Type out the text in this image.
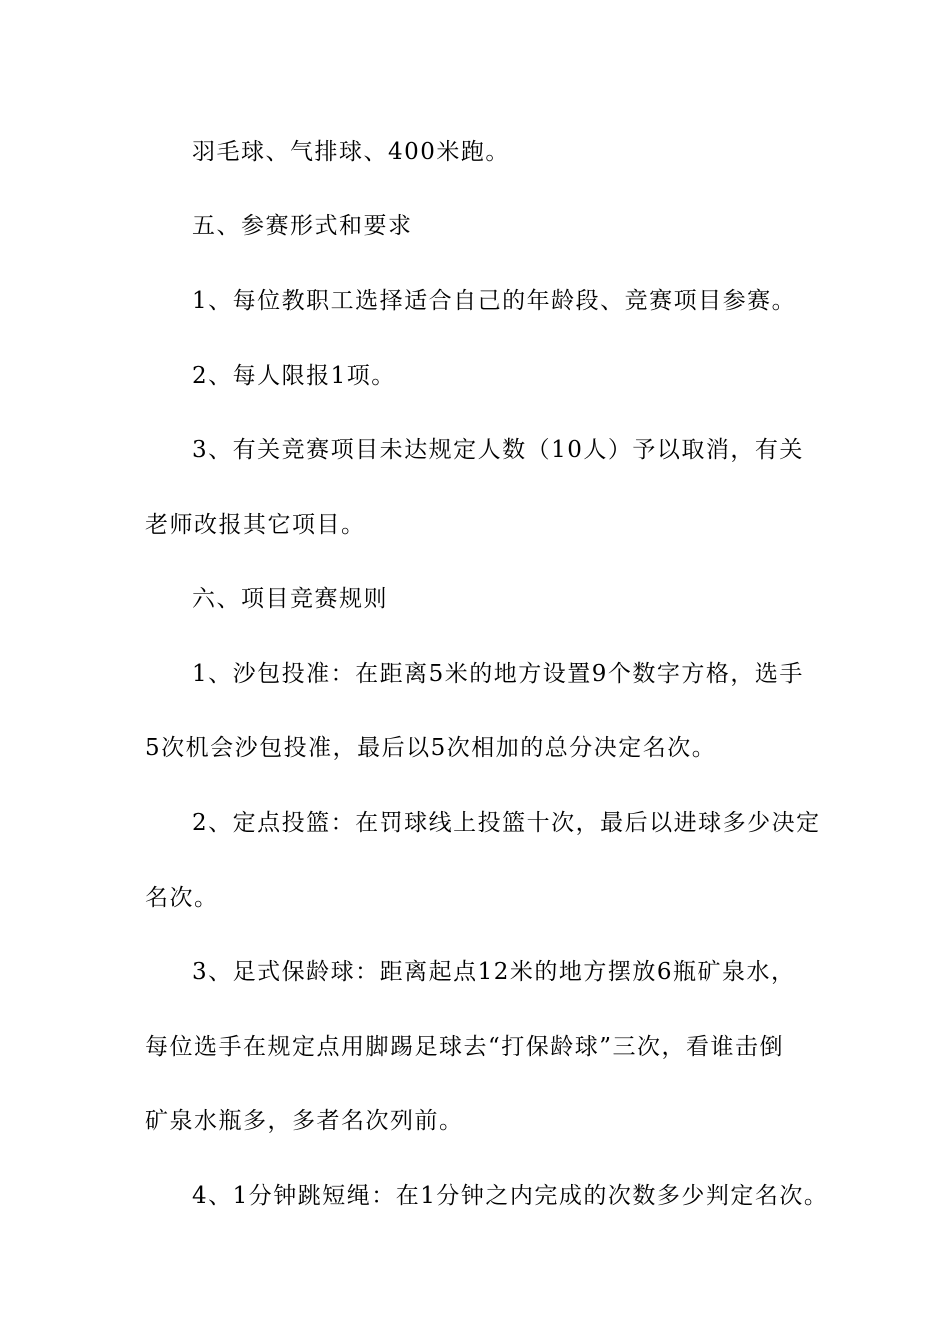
羽毛球、气排球、400米跑。
五、参赛形式和要求
1、每位教职工选择适合自己的年龄段、竞赛项目参赛。
2、每人限报1项。
3、有关竞赛项目未达规定人数（10人）予以取消，有关
老师改报其它项目。
六、项目竞赛规则
1、沙包投准：在距离5米的地方设置9个数字方格，选手
5次机会沙包投准，最后以5次相加的总分决定名次。
2、定点投篮：在罚球线上投篮十次，最后以进球多少决定
名次。
3、足式保龄球：距离起点12米的地方摆放6瓶矿泉水，
每位选手在规定点用脚踢足球去“打保龄球”三次，看谁击倒
矿泉水瓶多，多者名次列前。
4、1分钟跳短绳：在1分钟之内完成的次数多少判定名次。
